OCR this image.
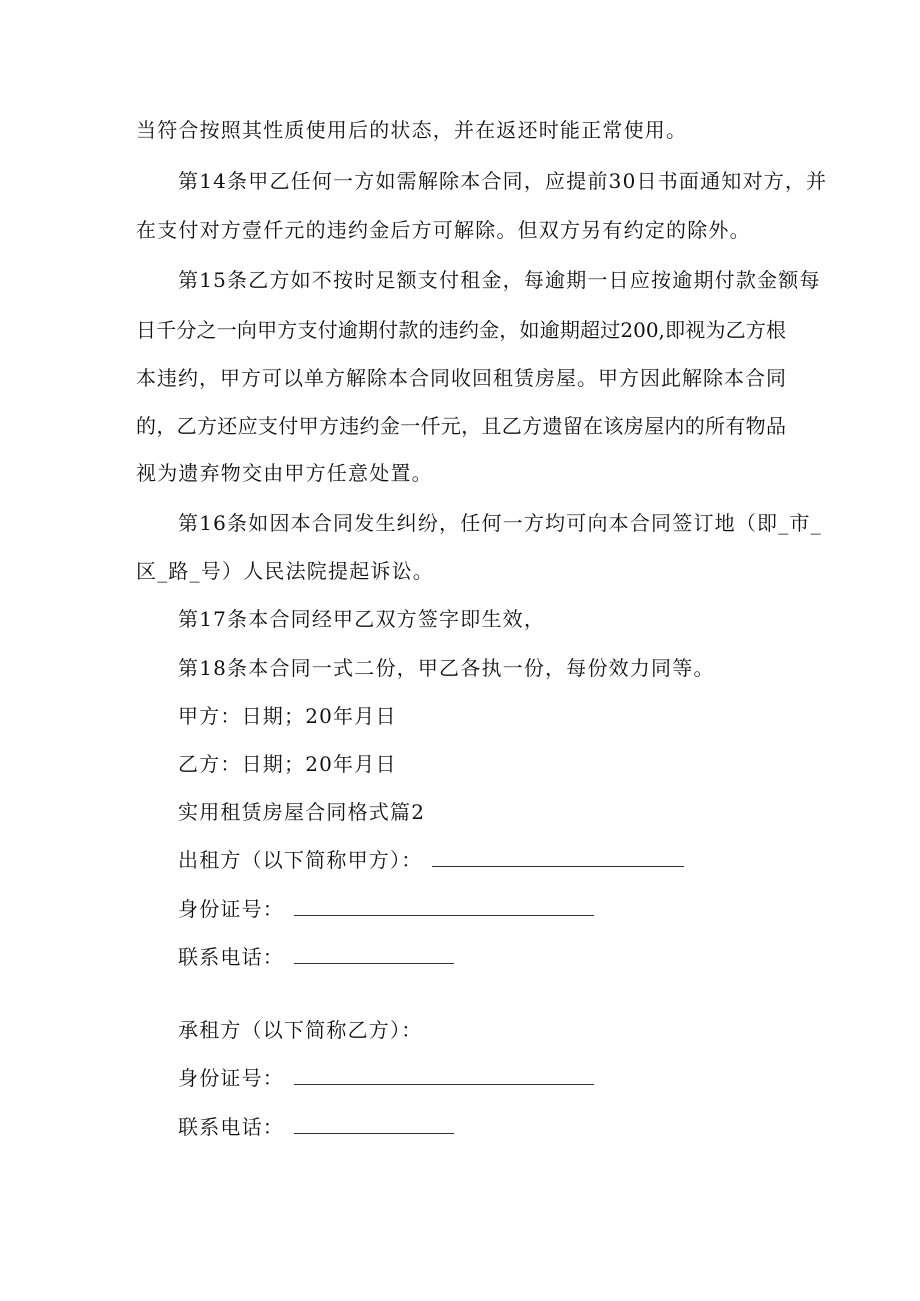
当符合按照其性质使用后的状态，并在返还时能正常使用。
第14条甲乙任何一方如需解除本合同，应提前30日书面通知对方，并
在支付对方壹仟元的违约金后方可解除。但双方另有约定的除外。
第15条乙方如不按时足额支付租金，每逾期一日应按逾期付款金额每
日千分之一向甲方支付逾期付款的违约金，如逾期超过200,即视为乙方根
本违约，甲方可以单方解除本合同收回租赁房屋。甲方因此解除本合同
的，乙方还应支付甲方违约金一仟元，且乙方遗留在该房屋内的所有物品
视为遗弃物交由甲方任意处置。
第16条如因本合同发生纠纷，任何一方均可向本合同签订地（即_市_
区_路_号）人民法院提起诉讼。
第17条本合同经甲乙双方签字即生效，
第18条本合同一式二份，甲乙各执一份，每份效力同等。
甲方：日期；20年月日
乙方：日期；20年月日
实用租赁房屋合同格式篇2
出租方（以下简称甲方）：
身份证号：
联系电话：
承租方（以下简称乙方）：
身份证号：
联系电话：
